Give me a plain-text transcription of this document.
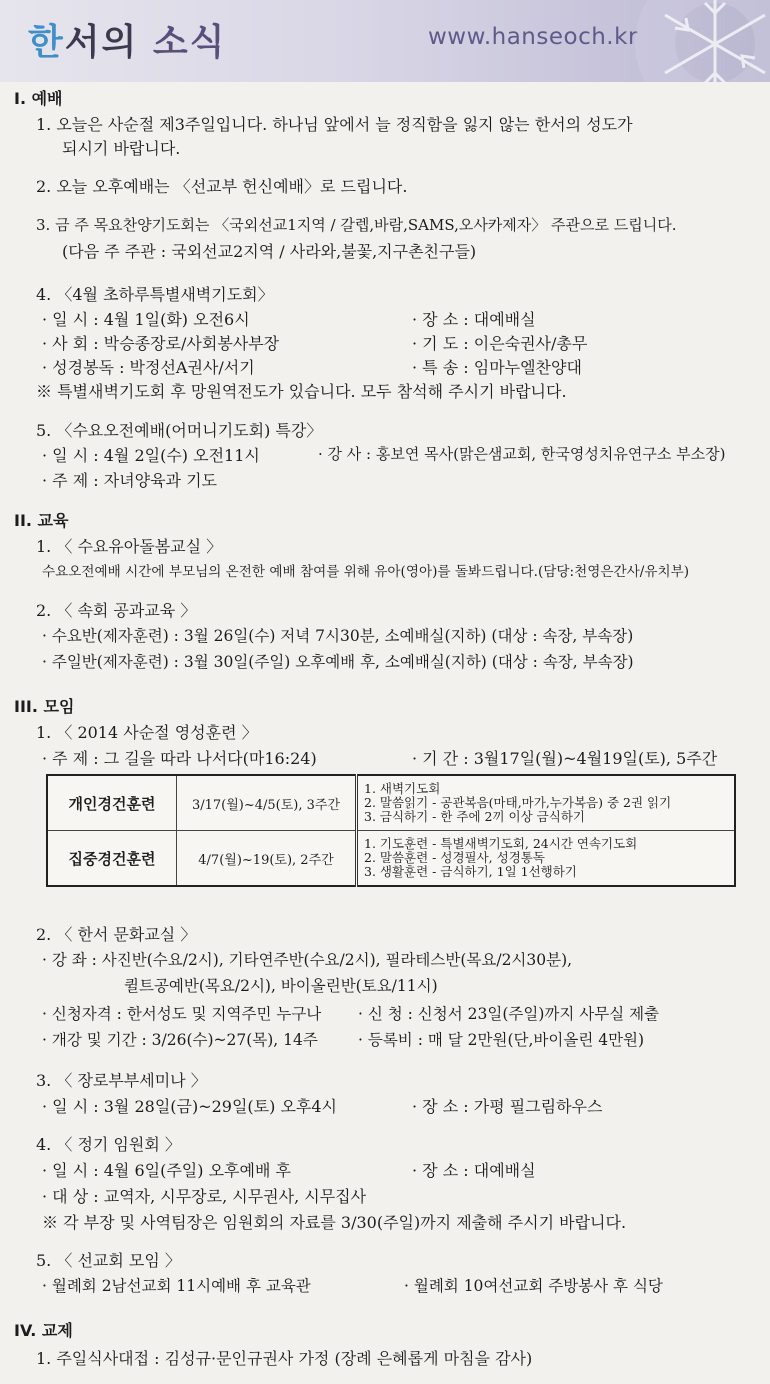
한서의 소식	www.hanseoch.kr
I. 예배
1. 오늘은 사순절 제3주일입니다. 하나님 앞에서 늘 정직함을 잃지 않는 한서의 성도가
되시기 바랍니다.
2. 오늘 오후예배는 〈선교부 헌신예배〉로 드립니다.
3. 금 주 목요찬양기도회는 〈국외선교1지역 / 갈렙,바람,SAMS,오사카제자〉 주관으로 드립니다.
(다음 주 주관 : 국외선교2지역 / 사라와,불꽃,지구촌친구들)
4. 〈4월 초하루특별새벽기도회〉
· 일 시 : 4월 1일(화) 오전6시	· 장 소 : 대예배실
· 사 회 : 박승종장로/사회봉사부장	· 기 도 : 이은숙권사/총무
· 성경봉독 : 박정선A권사/서기	· 특 송 : 임마누엘찬양대
※ 특별새벽기도회 후 망원역전도가 있습니다. 모두 참석해 주시기 바랍니다.
5. 〈수요오전예배(어머니기도회) 특강〉
· 일 시 : 4월 2일(수) 오전11시	· 강 사 : 홍보연 목사(맑은샘교회, 한국영성치유연구소 부소장)
· 주 제 : 자녀양육과 기도
II. 교육
1. 〈 수요유아돌봄교실 〉
수요오전예배 시간에 부모님의 온전한 예배 참여를 위해 유아(영아)를 돌봐드립니다.(담당:천영은간사/유치부)
2. 〈 속회 공과교육 〉
· 수요반(제자훈련) : 3월 26일(수) 저녁 7시30분, 소예배실(지하) (대상 : 속장, 부속장)
· 주일반(제자훈련) : 3월 30일(주일) 오후예배 후, 소예배실(지하) (대상 : 속장, 부속장)
III. 모임
1. 〈 2014 사순절 영성훈련 〉
· 주 제 : 그 길을 따라 나서다(마16:24)	· 기 간 : 3월17일(월)~4월19일(토), 5주간
개인경건훈련	3/17(월)~4/5(토), 3주간	1. 새벽기도회
2. 말씀읽기 - 공관복음(마태,마가,누가복음) 중 2권 읽기
3. 금식하기 - 한 주에 2끼 이상 금식하기

집중경건훈련	4/7(월)~19(토), 2주간	1. 기도훈련 - 특별새벽기도회, 24시간 연속기도회
2. 말씀훈련 - 성경필사, 성경통독
3. 생활훈련 - 금식하기, 1일 1선행하기
2. 〈 한서 문화교실 〉
· 강 좌 : 사진반(수요/2시), 기타연주반(수요/2시), 필라테스반(목요/2시30분),
퀼트공예반(목요/2시), 바이올린반(토요/11시)
· 신청자격 : 한서성도 및 지역주민 누구나 · 신 청 : 신청서 23일(주일)까지 사무실 제출
· 개강 및 기간 : 3/26(수)~27(목), 14주	· 등록비 : 매 달 2만원(단,바이올린 4만원)
3. 〈 장로부부세미나 〉
· 일 시 : 3월 28일(금)~29일(토) 오후4시	· 장 소 : 가평 필그림하우스
4. 〈 정기 임원회 〉
· 일 시 : 4월 6일(주일) 오후예배 후	· 장 소 : 대예배실
· 대 상 : 교역자, 시무장로, 시무권사, 시무집사
※ 각 부장 및 사역팀장은 임원회의 자료를 3/30(주일)까지 제출해 주시기 바랍니다.
5. 〈 선교회 모임 〉
· 월례회 2남선교회 11시예배 후 교육관	· 월례회 10여선교회 주방봉사 후 식당
IV. 교제
1. 주일식사대접 : 김성규·문인규권사 가정 (장례 은혜롭게 마침을 감사)
